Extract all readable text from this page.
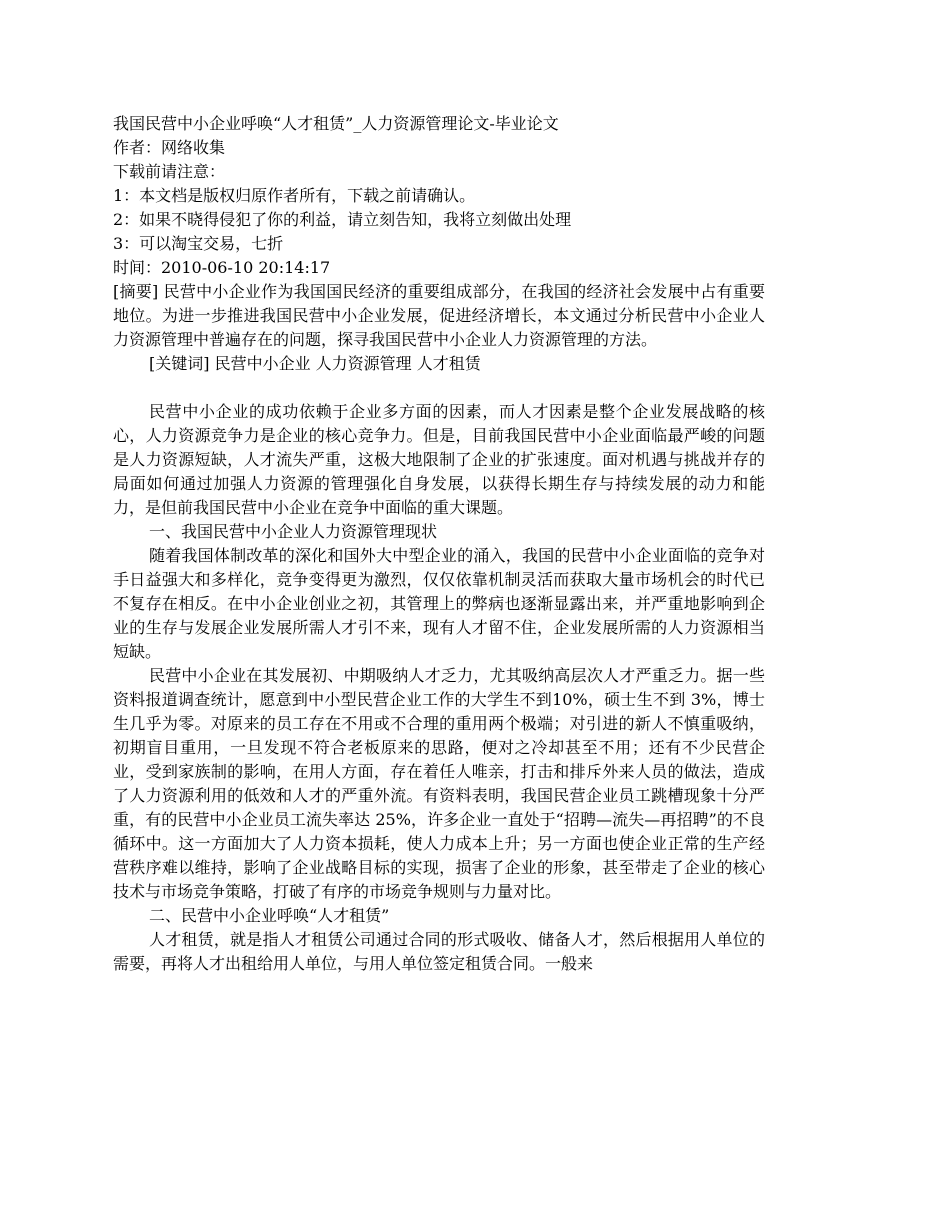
我国民营中小企业呼唤“人才租赁”_人力资源管理论文-毕业论文
作者：网络收集
下载前请注意：
1：本文档是版权归原作者所有，下载之前请确认。
2：如果不晓得侵犯了你的利益，请立刻告知，我将立刻做出处理
3：可以淘宝交易，七折
时间：2010-06-10 20:14:17

[摘要] 民营中小企业作为我国国民经济的重要组成部分，在我国的经济社会发展中占有重要地位。为进一步推进我国民营中小企业发展，促进经济增长，本文通过分析民营中小企业人力资源管理中普遍存在的问题，探寻我国民营中小企业人力资源管理的方法。

[关键词] 民营中小企业 人力资源管理 人才租赁

民营中小企业的成功依赖于企业多方面的因素，而人才因素是整个企业发展战略的核心，人力资源竞争力是企业的核心竞争力。但是，目前我国民营中小企业面临最严峻的问题是人力资源短缺，人才流失严重，这极大地限制了企业的扩张速度。面对机遇与挑战并存的局面如何通过加强人力资源的管理强化自身发展，以获得长期生存与持续发展的动力和能力，是但前我国民营中小企业在竞争中面临的重大课题。

一、我国民营中小企业人力资源管理现状

随着我国体制改革的深化和国外大中型企业的涌入，我国的民营中小企业面临的竞争对手日益强大和多样化，竞争变得更为激烈，仅仅依靠机制灵活而获取大量市场机会的时代已不复存在相反。在中小企业创业之初，其管理上的弊病也逐渐显露出来，并严重地影响到企业的生存与发展企业发展所需人才引不来，现有人才留不住，企业发展所需的人力资源相当短缺。

民营中小企业在其发展初、中期吸纳人才乏力，尤其吸纳高层次人才严重乏力。据一些资料报道调查统计，愿意到中小型民营企业工作的大学生不到10%，硕士生不到 3%，博士生几乎为零。对原来的员工存在不用或不合理的重用两个极端；对引进的新人不慎重吸纳，初期盲目重用，一旦发现不符合老板原来的思路，便对之冷却甚至不用；还有不少民营企业，受到家族制的影响，在用人方面，存在着任人唯亲，打击和排斥外来人员的做法，造成了人力资源利用的低效和人才的严重外流。有资料表明，我国民营企业员工跳槽现象十分严重，有的民营中小企业员工流失率达 25%，许多企业一直处于“招聘—流失—再招聘”的不良循环中。这一方面加大了人力资本损耗，使人力成本上升；另一方面也使企业正常的生产经营秩序难以维持，影响了企业战略目标的实现，损害了企业的形象，甚至带走了企业的核心技术与市场竞争策略，打破了有序的市场竞争规则与力量对比。

二、民营中小企业呼唤“人才租赁”

人才租赁，就是指人才租赁公司通过合同的形式吸收、储备人才，然后根据用人单位的需要，再将人才出租给用人单位，与用人单位签定租赁合同。一般来
